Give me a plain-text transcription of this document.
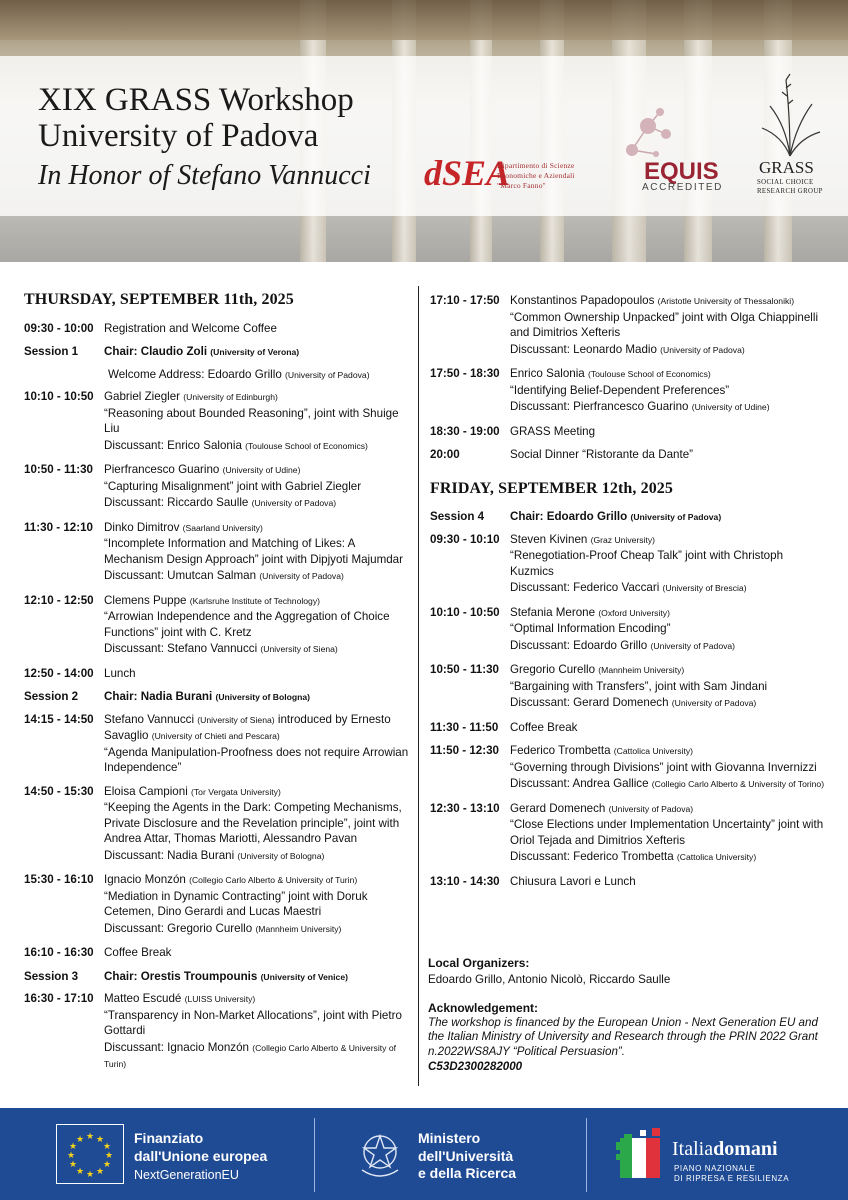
XIX GRASS Workshop
University of Padova
In Honor of Stefano Vannucci dSEA
Dipartimento di Scienze
Economiche e Aziendali
"Marco Fanno"
EQUIS
ACCREDITED
GRASS
SOCIAL CHOICE
RESEARCH GROUP
THURSDAY, SEPTEMBER 11th, 2025
09:30 - 10:00 Registration and Welcome Coffee
Session 1	Chair: Claudio Zoli (University of Verona)
Welcome Address: Edoardo Grillo (University of Padova)
10:10 - 10:50 Gabriel Ziegler (University of Edinburgh)
“Reasoning about Bounded Reasoning”, joint with Shuige Liu
Discussant: Enrico Salonia (Toulouse School of Economics)
10:50 - 11:30 Pierfrancesco Guarino (University of Udine)
“Capturing Misalignment” joint with Gabriel Ziegler
Discussant: Riccardo Saulle (University of Padova)
11:30 - 12:10 Dinko Dimitrov (Saarland University)
“Incomplete Information and Matching of Likes: A Mechanism Design Approach” joint with Dipjyoti Majumdar
Discussant: Umutcan Salman (University of Padova)
12:10 - 12:50 Clemens Puppe (Karlsruhe Institute of Technology)
“Arrowian Independence and the Aggregation of Choice Functions” joint with C. Kretz
Discussant: Stefano Vannucci (University of Siena)
12:50 - 14:00 Lunch
Session 2	Chair: Nadia Burani (University of Bologna)
14:15 - 14:50 Stefano Vannucci (University of Siena) introduced by Ernesto Savaglio (University of Chieti and Pescara)
“Agenda Manipulation-Proofness does not require Arrowian Independence”
14:50 - 15:30 Eloisa Campioni (Tor Vergata University)
“Keeping the Agents in the Dark: Competing Mechanisms, Private Disclosure and the Revelation principle”, joint with Andrea Attar, Thomas Mariotti, Alessandro Pavan
Discussant: Nadia Burani (University of Bologna)
15:30 - 16:10 Ignacio Monzón (Collegio Carlo Alberto & University of Turin)
“Mediation in Dynamic Contracting” joint with Doruk Cetemen, Dino Gerardi and Lucas Maestri
Discussant: Gregorio Curello (Mannheim University)
16:10 - 16:30 Coffee Break
Session 3	Chair: Orestis Troumpounis (University of Venice)
16:30 - 17:10 Matteo Escudé (LUISS University)
“Transparency in Non-Market Allocations”, joint with Pietro Gottardi
Discussant: Ignacio Monzón (Collegio Carlo Alberto & University of Turin)
17:10 - 17:50 Konstantinos Papadopoulos (Aristotle University of Thessaloniki)
“Common Ownership Unpacked” joint with Olga Chiappinelli and Dimitrios Xefteris
Discussant: Leonardo Madio (University of Padova)
17:50 - 18:30 Enrico Salonia (Toulouse School of Economics)
“Identifying Belief-Dependent Preferences”
Discussant: Pierfrancesco Guarino (University of Udine)
18:30 - 19:00 GRASS Meeting
20:00	Social Dinner “Ristorante da Dante”
FRIDAY, SEPTEMBER 12th, 2025
Session 4	Chair: Edoardo Grillo (University of Padova)
09:30 - 10:10 Steven Kivinen (Graz University)
“Renegotiation-Proof Cheap Talk” joint with Christoph Kuzmics
Discussant: Federico Vaccari (University of Brescia)
10:10 - 10:50 Stefania Merone (Oxford University)
“Optimal Information Encoding”
Discussant: Edoardo Grillo (University of Padova)
10:50 - 11:30 Gregorio Curello (Mannheim University)
“Bargaining with Transfers”, joint with Sam Jindani
Discussant: Gerard Domenech (University of Padova)
11:30 - 11:50	Coffee Break
11:50 - 12:30 Federico Trombetta (Cattolica University)
“Governing through Divisions” joint with Giovanna Invernizzi
Discussant: Andrea Gallice (Collegio Carlo Alberto & University of Torino)
12:30 - 13:10 Gerard Domenech (University of Padova)
“Close Elections under Implementation Uncertainty” joint with Oriol Tejada and Dimitrios Xefteris
Discussant: Federico Trombetta (Cattolica University)
13:10 - 14:30 Chiusura Lavori e Lunch
Local Organizers:
Edoardo Grillo, Antonio Nicolò, Riccardo Saulle
Acknowledgement:
The workshop is financed by the European Union - Next Generation EU and the Italian Ministry of University and Research through the PRIN 2022 Grant n.2022WS8AJY “Political Persuasion”.
C53D2300282000
★ ★
★
★
★
★
★
★
★
★
★
★	Finanziato
dall'Unione europea
NextGenerationEU
Ministero
dell'Università
e della Ricerca
Italiadomani
PIANO NAZIONALE
DI RIPRESA E RESILIENZA
